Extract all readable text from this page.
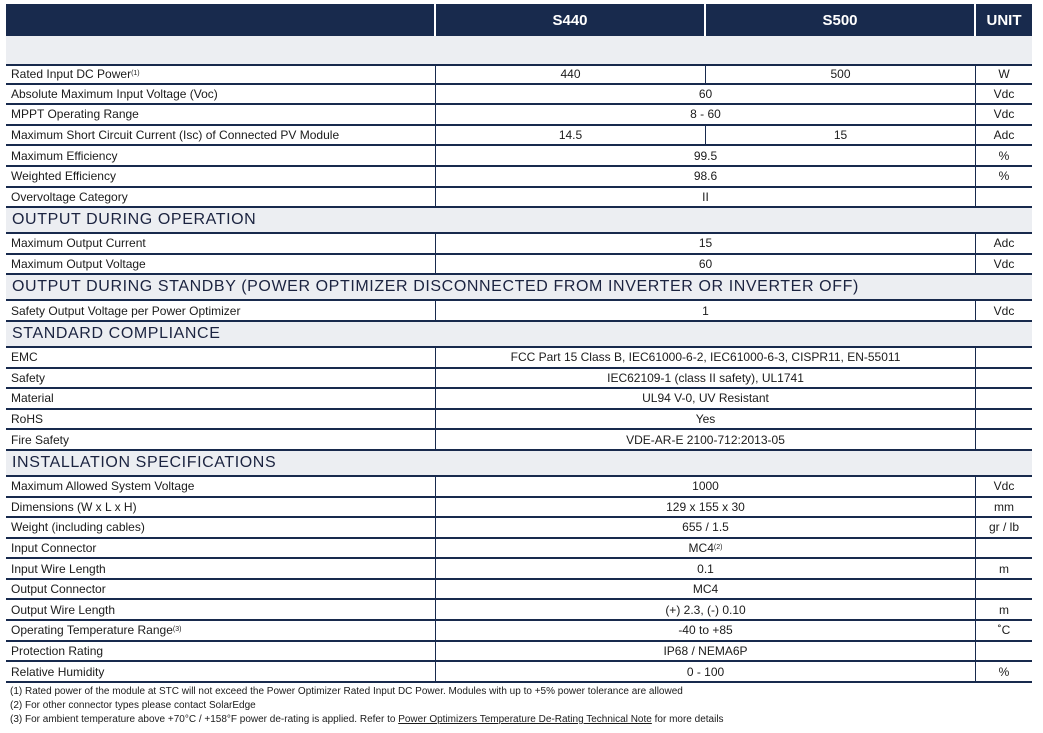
S440	S500	UNIT
Rated Input DC Power (1)	440	500	W
Absolute Maximum Input Voltage (Voc)	60	Vdc
MPPT Operating Range	8 - 60	Vdc
Maximum Short Circuit Current (Isc) of Connected PV Module	14.5	15	Adc
Maximum Efficiency	99.5	%
Weighted Efficiency	98.6	%
Overvoltage Category	II
OUTPUT DURING OPERATION
Maximum Output Current	15	Adc
Maximum Output Voltage	60	Vdc
OUTPUT DURING STANDBY (POWER OPTIMIZER DISCONNECTED FROM INVERTER OR INVERTER OFF)
Safety Output Voltage per Power Optimizer	1	Vdc
STANDARD COMPLIANCE
EMC	FCC Part 15 Class B, IEC61000-6-2, IEC61000-6-3, CISPR11, EN-55011
Safety	IEC62109-1 (class II safety), UL1741
Material	UL94 V-0, UV Resistant
RoHS	Yes
Fire Safety	VDE-AR-E 2100-712:2013-05
INSTALLATION SPECIFICATIONS
Maximum Allowed System Voltage	1000	Vdc
Dimensions (W x L x H)	129 x 155 x 30	mm
Weight (including cables)	655 / 1.5	gr / lb
Input Connector	MC4 (2)
Input Wire Length	0.1	m
Output Connector	MC4
Output Wire Length	(+) 2.3, (-) 0.10	m
Operating Temperature Range (3)	-40 to +85	˚C
Protection Rating	IP68 / NEMA6P
Relative Humidity	0 - 100	%
(1) Rated power of the module at STC will not exceed the Power Optimizer Rated Input DC Power. Modules with up to +5% power tolerance are allowed
(2) For other connector types please contact SolarEdge
(3) For ambient temperature above +70°C / +158°F power de-rating is applied. Refer to Power Optimizers Temperature De-Rating Technical Note for more details
